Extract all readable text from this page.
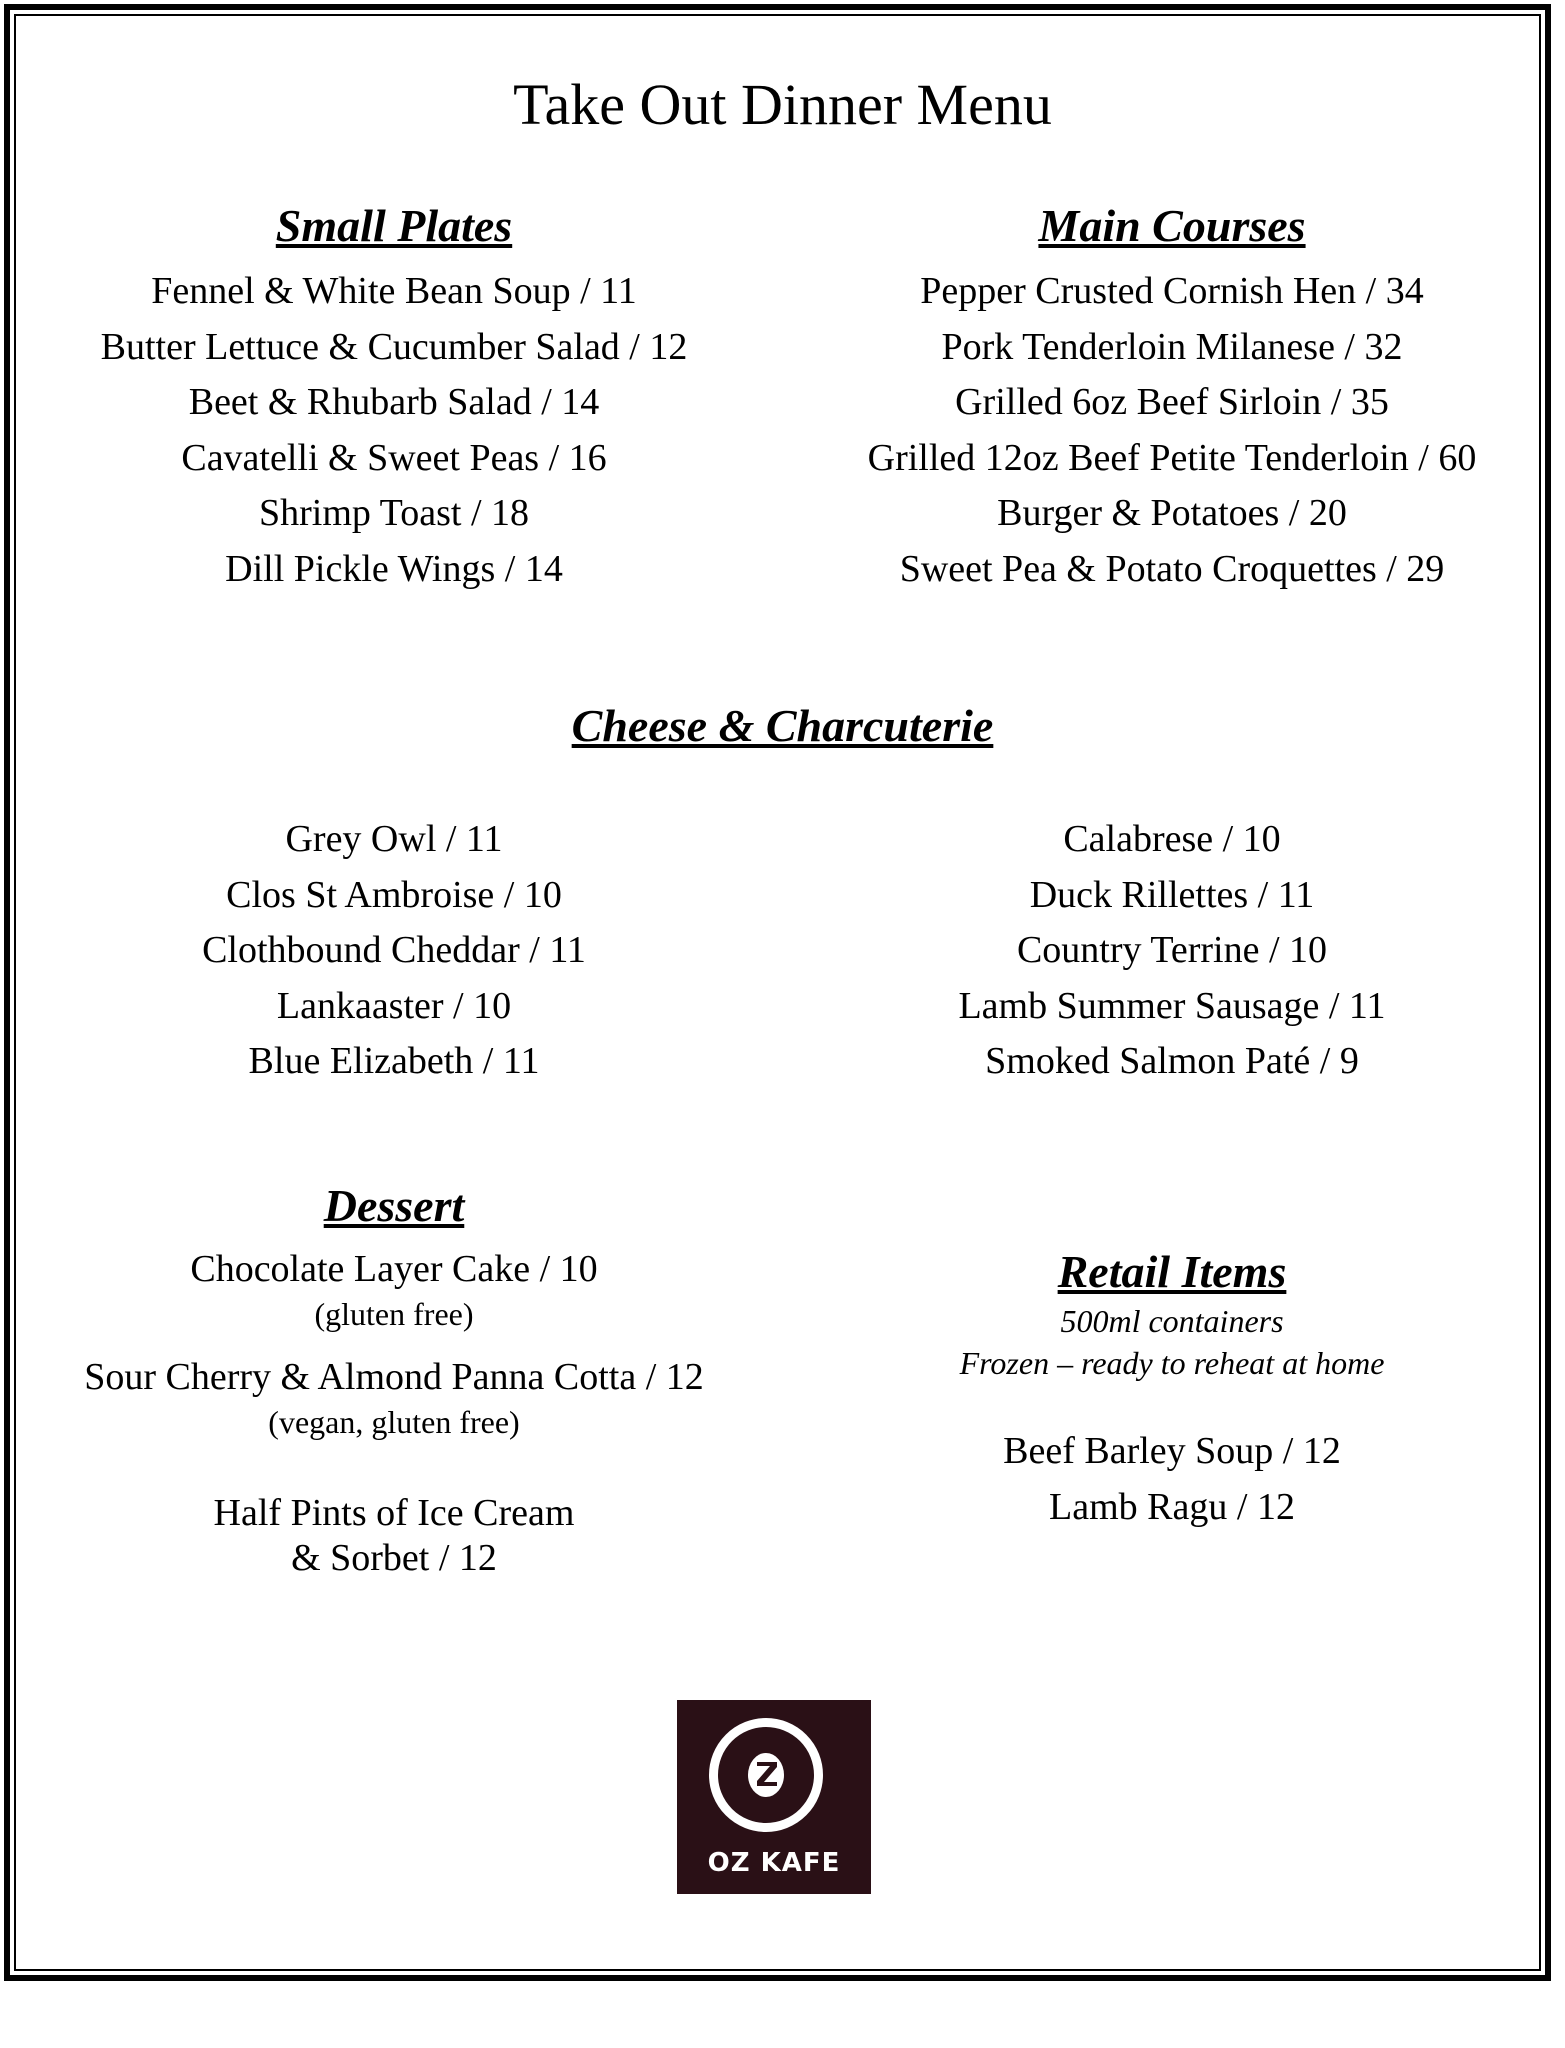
Take Out Dinner Menu
Small Plates
Fennel & White Bean Soup / 11
Butter Lettuce & Cucumber Salad / 12
Beet & Rhubarb Salad / 14
Cavatelli & Sweet Peas / 16
Shrimp Toast / 18
Dill Pickle Wings / 14
Main Courses
Pepper Crusted Cornish Hen / 34
Pork Tenderloin Milanese / 32
Grilled 6oz Beef Sirloin / 35
Grilled 12oz Beef Petite Tenderloin / 60
Burger & Potatoes / 20
Sweet Pea & Potato Croquettes / 29
Cheese & Charcuterie
Grey Owl / 11
Clos St Ambroise / 10
Clothbound Cheddar / 11
Lankaaster / 10
Blue Elizabeth / 11
Calabrese / 10
Duck Rillettes / 11
Country Terrine / 10
Lamb Summer Sausage / 11
Smoked Salmon Paté / 9
Dessert
Chocolate Layer Cake / 10
(gluten free)
Sour Cherry & Almond Panna Cotta / 12
(vegan, gluten free)
Half Pints of Ice Cream
& Sorbet / 12
Retail Items
500ml containers
Frozen – ready to reheat at home
Beef Barley Soup / 12
Lamb Ragu / 12
OZ KAFE
